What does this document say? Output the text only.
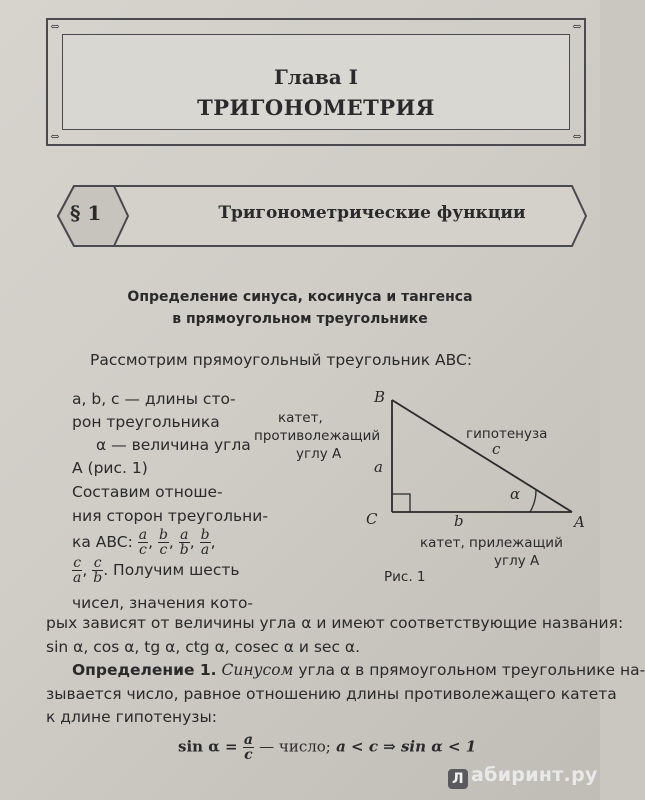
⇔	⇔
⇔	⇔
Глава I
ТРИГОНОМЕТРИЯ
§ 1	Тригонометрические функции
Определение синуса, косинуса и тангенса
в прямоугольном треугольнике
Рассмотрим прямоугольный треугольник ABC:
a, b, c — длины сто-
рон треугольника
α — величина угла
A (рис. 1)
Составим отноше-
ния сторон треугольни-
ка ABC: $\frac{a}{c}$ , $\frac{b}{c}$ , $\frac{a}{b}$ , $\frac{b}{a}$ ,
$\frac{c}{a}$ , $\frac{c}{b}$ . Получим шесть
чисел, значения кото-
B
C	A
a
b
c
α
катет,
противолежащий
углу A
гипотенуза
катет, прилежащий
углу A
Рис. 1
рых зависят от величины угла α и имеют соответствующие названия:
sin α, cos α, tg α, ctg α, cosec α и sec α.
Определение 1. Синусом угла α в прямоугольном треугольнике на-
зывается число, равное отношению длины противолежащего катета
к длине гипотенузы:
$\sin \alpha = \frac{a}{c}$ — число; a < c ⇒ sin α < 1
Л абиринт.ру
